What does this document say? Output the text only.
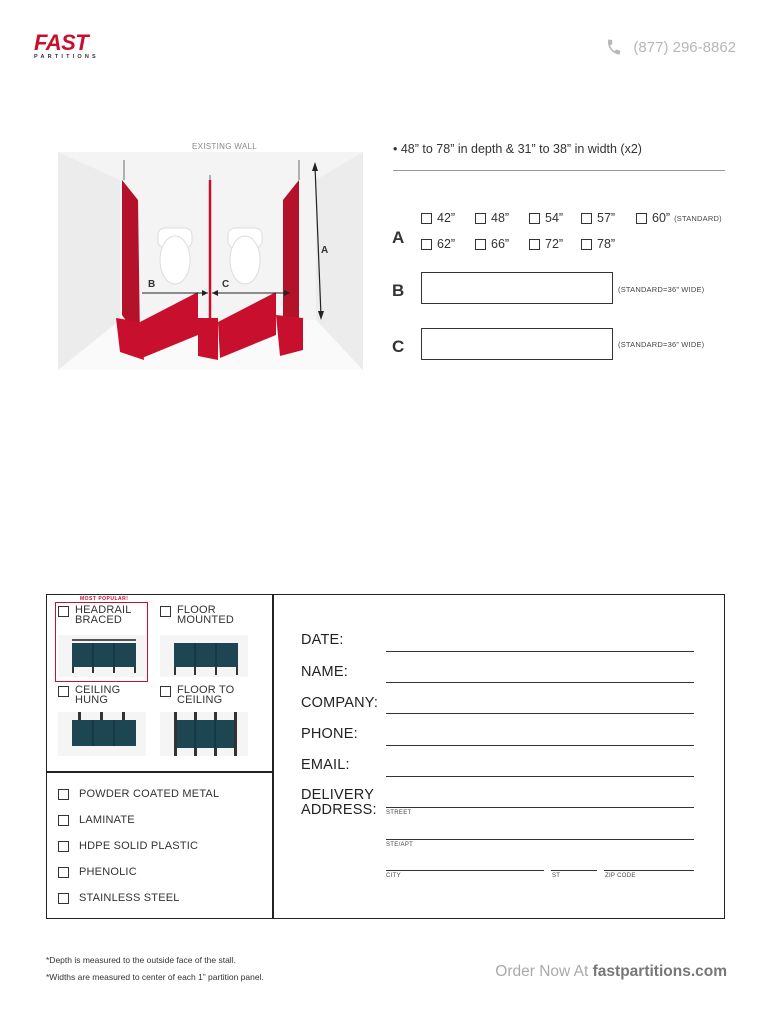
FAST
PARTITIONS
(877) 296-8862
EXISTING WALL
A
B	C
• 48” to 78” in depth & 31” to 38” in width (x2)
A
42”	48”	54”	57”	60” (STANDARD)
62”	66”	72”	78”
B	(STANDARD=36” WIDE)
C	(STANDARD=36” WIDE)
MOST POPULAR!
HEADRAIL
BRACED
FLOOR
MOUNTED
CEILING
HUNG
FLOOR TO
CEILING
POWDER COATED METAL
LAMINATE
HDPE SOLID PLASTIC
PHENOLIC
STAINLESS STEEL
DATE:
NAME:
COMPANY:
PHONE:
EMAIL:
DELIVERY
ADDRESS: STREET
STE/APT
CITY	ST	ZIP CODE
*Depth is measured to the outside face of the stall.
*Widths are measured to center of each 1” partition panel.	Order Now At fastpartitions.com
